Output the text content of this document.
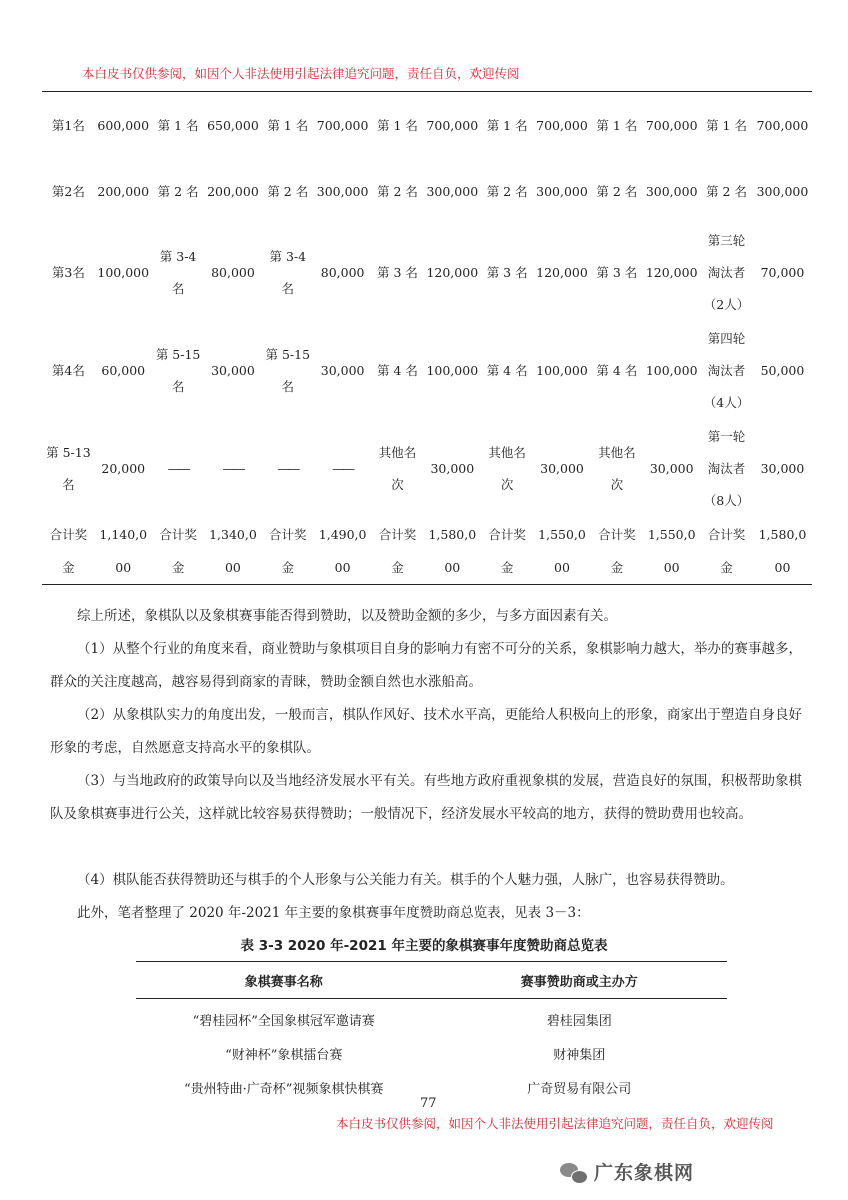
本白皮书仅供参阅，如因个人非法使用引起法律追究问题，责任自负，欢迎传阅
第1名	600,000	第 1 名	650,000	第 1 名	700,000	第 1 名	700,000	第 1 名	700,000	第 1 名	700,000	第 1 名	700,000
第2名	200,000	第 2 名	200,000	第 2 名	300,000	第 2 名	300,000	第 2 名	300,000	第 2 名	300,000	第 2 名	300,000
第3名	100,000	第 3-4 名	80,000	第 3-4 名	80,000	第 3 名	120,000	第 3 名	120,000	第 3 名	120,000	第三轮淘汰者（2人）	70,000
第4名	60,000	第 5-15 名	30,000	第 5-15 名	30,000	第 4 名	100,000	第 4 名	100,000	第 4 名	100,000	第四轮淘汰者（4人）	50,000
第 5-13 名	20,000	——	——	——	——	其他名次	30,000	其他名次	30,000	其他名次	30,000	第一轮淘汰者（8人）	30,000
合计奖金	1,140,000	合计奖金	1,340,000	合计奖金	1,490,000	合计奖金	1,580,000	合计奖金	1,550,000	合计奖金	1,550,000	合计奖金	1,580,000

综上所述，象棋队以及象棋赛事能否得到赞助，以及赞助金额的多少，与多方面因素有关。

（1）从整个行业的角度来看，商业赞助与象棋项目自身的影响力有密不可分的关系，象棋影响力越大，举办的赛事越多，群众的关注度越高，越容易得到商家的青睐，赞助金额自然也水涨船高。

（2）从象棋队实力的角度出发，一般而言，棋队作风好、技术水平高，更能给人积极向上的形象，商家出于塑造自身良好形象的考虑，自然愿意支持高水平的象棋队。

（3）与当地政府的政策导向以及当地经济发展水平有关。有些地方政府重视象棋的发展，营造良好的氛围，积极帮助象棋队及象棋赛事进行公关，这样就比较容易获得赞助；一般情况下，经济发展水平较高的地方，获得的赞助费用也较高。

（4）棋队能否获得赞助还与棋手的个人形象与公关能力有关。棋手的个人魅力强，人脉广，也容易获得赞助。

此外，笔者整理了 2020 年-2021 年主要的象棋赛事年度赞助商总览表，见表 3－3：

表 3-3 2020 年-2021 年主要的象棋赛事年度赞助商总览表
象棋赛事名称	赛事赞助商或主办方
“碧桂园杯”全国象棋冠军邀请赛	碧桂园集团
“财神杯”象棋擂台赛	财神集团
“贵州特曲·广奇杯”视频象棋快棋赛	广奇贸易有限公司
77
本白皮书仅供参阅，如因个人非法使用引起法律追究问题，责任自负，欢迎传阅
广东象棋网
